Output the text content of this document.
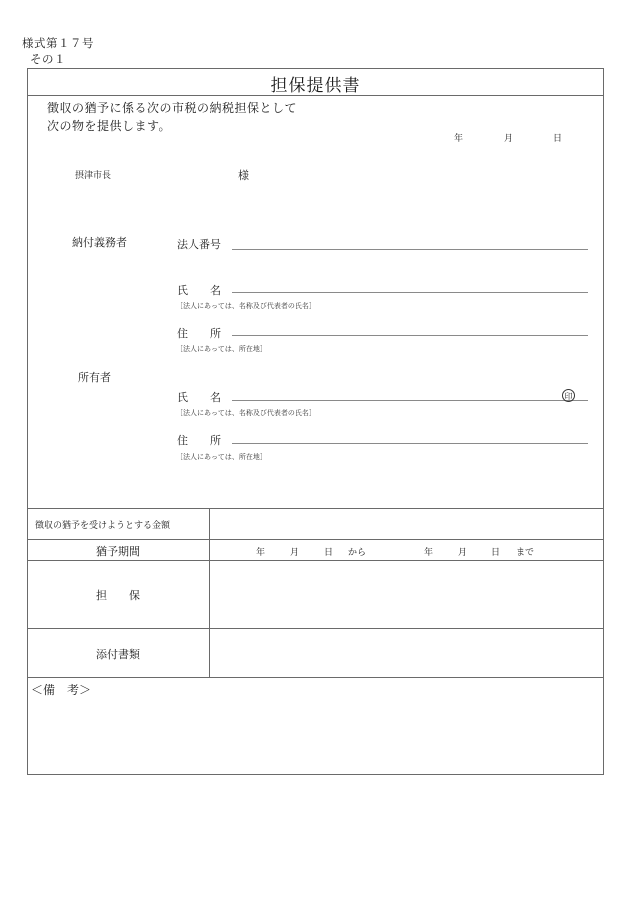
様式第１７号
その１
担保提供書
徴収の猶予に係る次の市税の納税担保として
次の物を提供します。
年	月	日
摂津市長	様
納付義務者	法人番号
氏　　名
［法人にあっては、名称及び代表者の氏名］
住　　所
［法人にあっては、所在地］
所有者
氏　　名	印
［法人にあっては、名称及び代表者の氏名］
住　　所
［法人にあっては、所在地］
徴収の猶予を受けようとする金額
猶予期間	年	月	日 から	年	月	日 まで
担　　保
添付書類
＜備　考＞
